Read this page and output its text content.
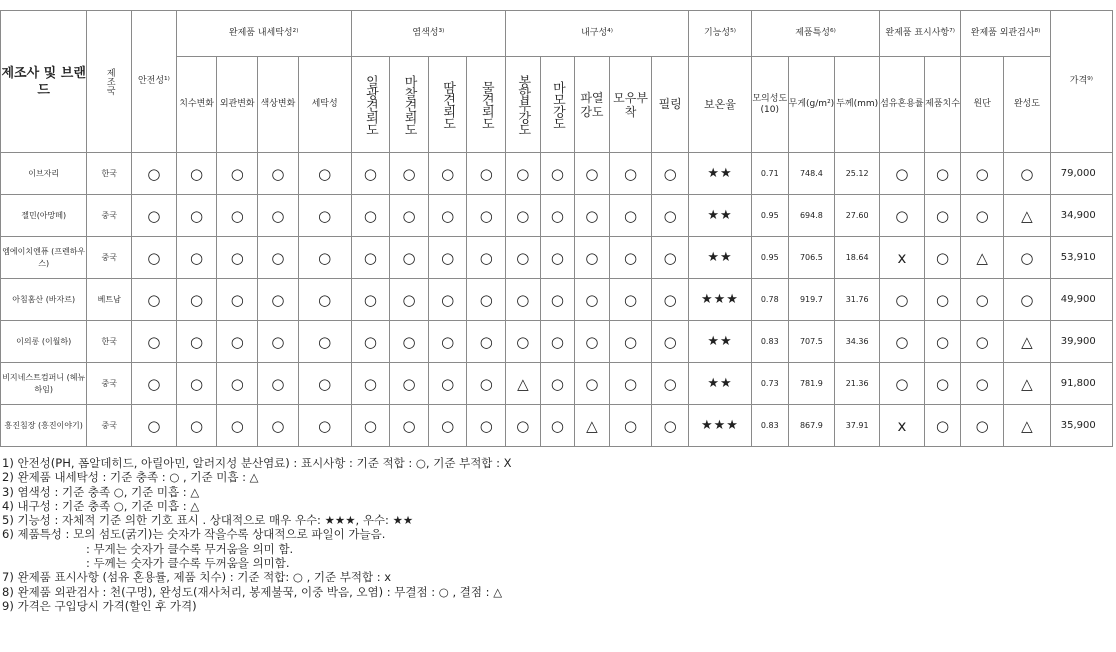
제조사 및 브랜드	제조국	안전성¹⁾	완제품 내세탁성²⁾				염색성³⁾				내구성⁴⁾					기능성⁵⁾	제품특성⁶⁾			완제품 표시사항⁷⁾		완제품 외관검사⁸⁾		가격⁹⁾
			치수변화	외관변화	색상변화	세탁성	일광견뢰도	마찰견뢰도	땀견뢰도	물견뢰도	봉합부강도	마모강도	파열강도	모우부착	필링	보온율	모의성도(10)	무게(g/m²)	두께(mm)	섬유혼용률	제품치수	원단	완성도	
이브자리	한국	○	○	○	○	○	○	○	○	○	○	○	○	○	○	★★	0.71	748.4	25.12	○	○	○	○	79,000
젤민(아망떼)	중국	○	○	○	○	○	○	○	○	○	○	○	○	○	○	★★	0.95	694.8	27.60	○	○	○	△	34,900
엠에이치엔퓨 (프렌하우스)	중국	○	○	○	○	○	○	○	○	○	○	○	○	○	○	★★	0.95	706.5	18.64	x	○	△	○	53,910
아침홈산 (바자르)	베트남	○	○	○	○	○	○	○	○	○	○	○	○	○	○	★★★	0.78	919.7	31.76	○	○	○	○	49,900
이의롱 (이월하)	한국	○	○	○	○	○	○	○	○	○	○	○	○	○	○	★★	0.83	707.5	34.36	○	○	○	△	39,900
비지네스트컴퍼니 (헤뉴하임)	중국	○	○	○	○	○	○	○	○	○	△	○	○	○	○	★★	0.73	781.9	21.36	○	○	○	△	91,800
흥진침장 (흥진이야기)	중국	○	○	○	○	○	○	○	○	○	○	○	△	○	○	★★★	0.83	867.9	37.91	x	○	○	△	35,900
1) 안전성(PH, 폼알데히드, 아릴아민, 알러지성 분산염료) : 표시사항 : 기준 적합 : ○, 기준 부적합 : X
2) 완제품 내세탁성 : 기준 충족 : ○ , 기준 미흡 : △
3) 염색성 : 기준 충족 ○, 기준 미흡 : △
4) 내구성 : 기준 충족 ○, 기준 미흡 : △
5) 기능성 : 자체적 기준 의한 기호 표시 . 상대적으로 매우 우수: ★★★, 우수: ★★
6) 제품특성 : 모의 섬도(굵기)는 숫자가 작을수록 상대적으로 파일이 가늘음.
: 무게는 숫자가 클수록 무거움을 의미 함.
: 두께는 숫자가 클수록 두꺼움을 의미함.
7) 완제품 표시사항 (섬유 혼용률, 제품 치수) : 기준 적합: ○ , 기준 부적합 : x
8) 완제품 외관검사 : 천(구멍), 완성도(재사처리, 봉제불꾹, 이중 박음, 오염) : 무결점 : ○ , 결점 : △
9) 가격은 구입당시 가격(할인 후 가격)
